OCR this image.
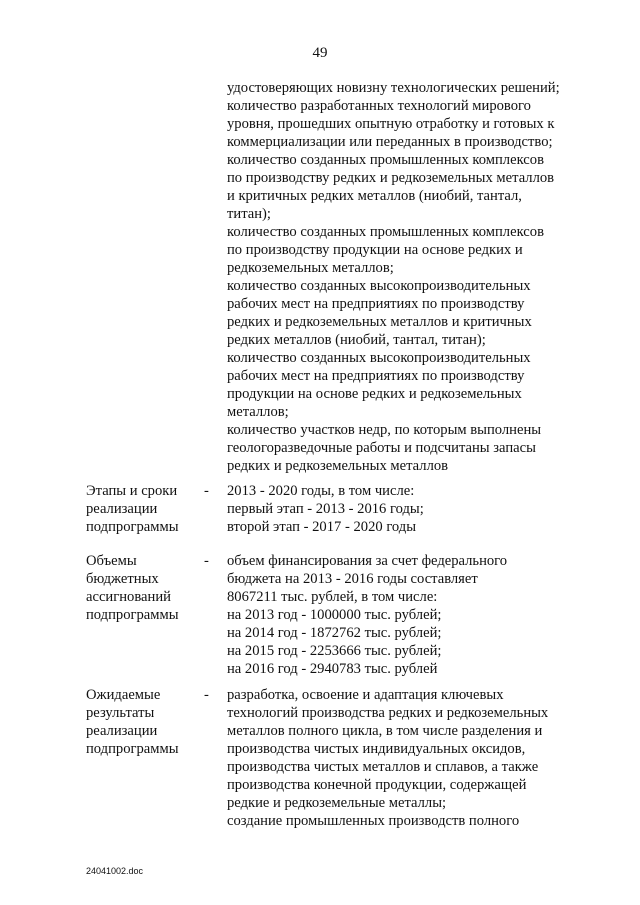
49
удостоверяющих новизну технологических решений;
количество разработанных технологий мирового
уровня, прошедших опытную отработку и готовых к
коммерциализации или переданных в производство;
количество созданных промышленных комплексов
по производству редких и редкоземельных металлов
и критичных редких металлов (ниобий, тантал,
титан);
количество созданных промышленных комплексов
по производству продукции на основе редких и
редкоземельных металлов;
количество созданных высокопроизводительных
рабочих мест на предприятиях по производству
редких и редкоземельных металлов и критичных
редких металлов (ниобий, тантал, титан);
количество созданных высокопроизводительных
рабочих мест на предприятиях по производству
продукции на основе редких и редкоземельных
металлов;
количество участков недр, по которым выполнены
геологоразведочные работы и подсчитаны запасы
редких и редкоземельных металлов
Этапы и сроки
реализации
подпрограммы
- 2013 - 2020 годы, в том числе:
первый этап - 2013 - 2016 годы;
второй этап - 2017 - 2020 годы
Объемы
бюджетных
ассигнований
подпрограммы
- объем финансирования за счет федерального
бюджета на 2013 - 2016 годы составляет
8067211 тыс. рублей, в том числе:
на 2013 год - 1000000 тыс. рублей;
на 2014 год - 1872762 тыс. рублей;
на 2015 год - 2253666 тыс. рублей;
на 2016 год - 2940783 тыс. рублей
Ожидаемые
результаты
реализации
подпрограммы
- разработка, освоение и адаптация ключевых
технологий производства редких и редкоземельных
металлов полного цикла, в том числе разделения и
производства чистых индивидуальных оксидов,
производства чистых металлов и сплавов, а также
производства конечной продукции, содержащей
редкие и редкоземельные металлы;
создание промышленных производств полного
24041002.doc
